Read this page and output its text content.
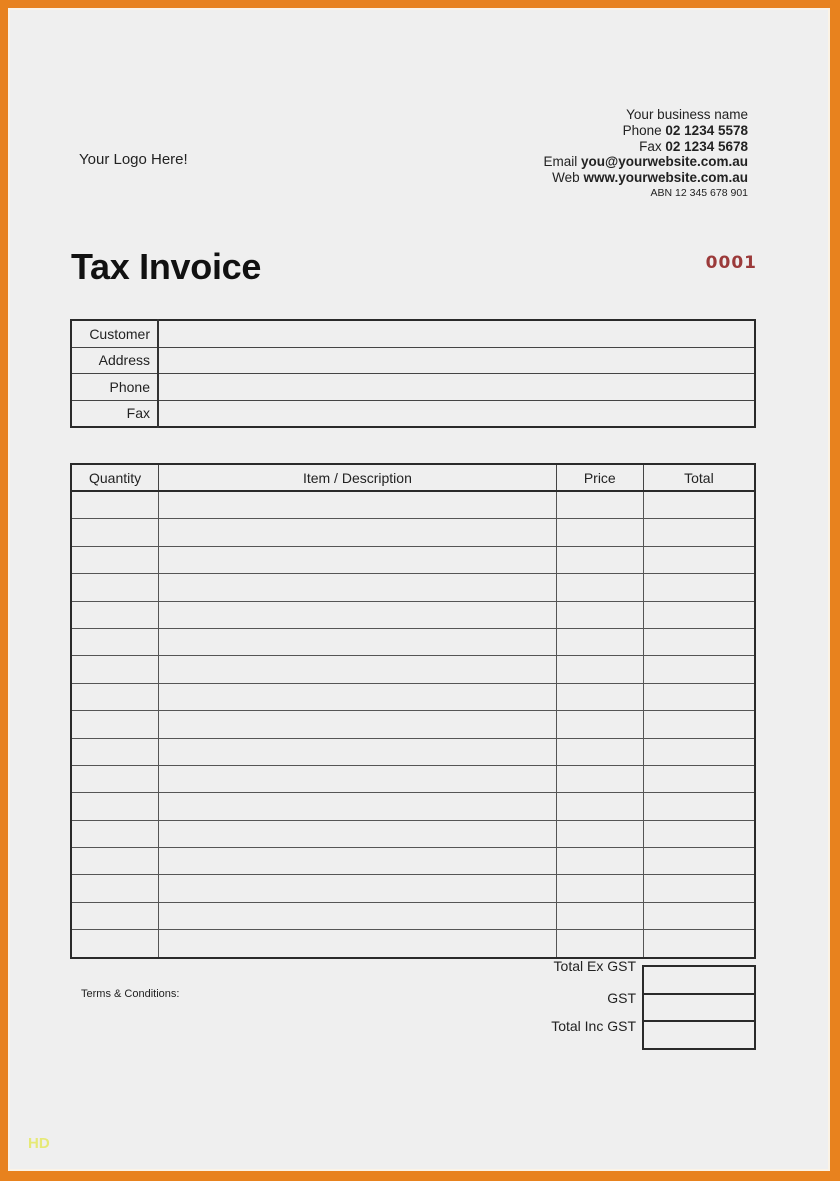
Your Logo Here!
Your business name
Phone 02 1234 5578
Fax 02 1234 5678
Email you@yourwebsite.com.au
Web www.yourwebsite.com.au
ABN 12 345 678 901
Tax Invoice	0001
Customer	
Address	
Phone	
Fax	
Quantity	Item / Description	Price	Total

Total Ex GST
GST
Total Inc GST

Terms & Conditions:
HD
